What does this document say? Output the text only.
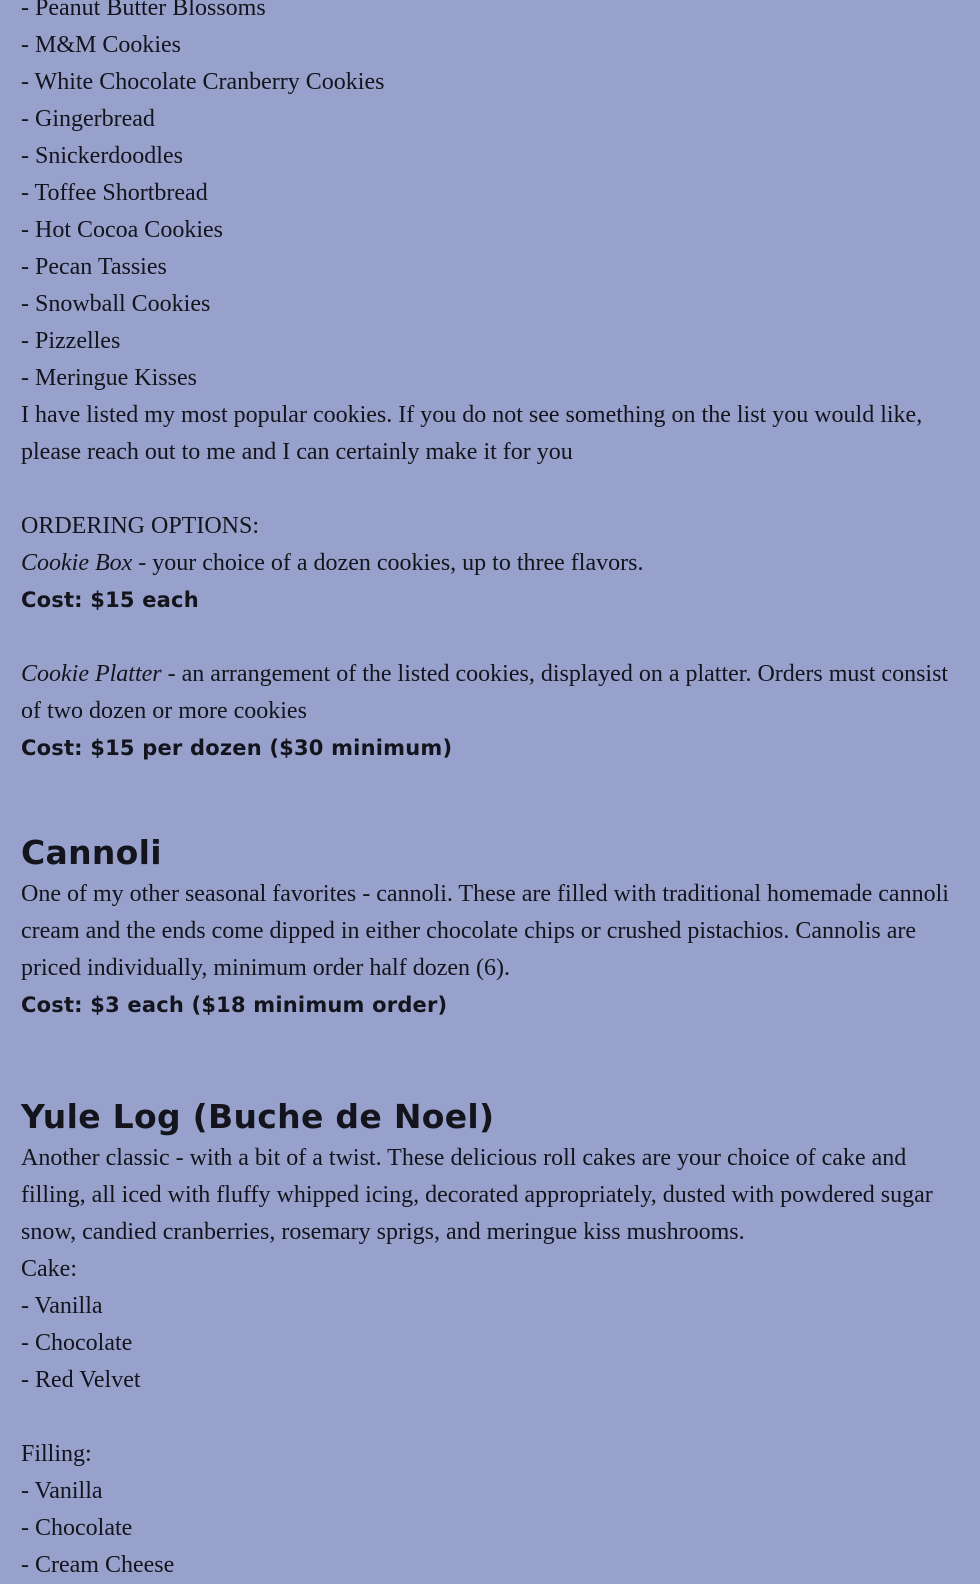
- Peanut Butter Blossoms
- M&M Cookies
- White Chocolate Cranberry Cookies
- Gingerbread
- Snickerdoodles
- Toffee Shortbread
- Hot Cocoa Cookies
- Pecan Tassies
- Snowball Cookies
- Pizzelles
- Meringue Kisses
I have listed my most popular cookies. If you do not see something on the list you would like, please reach out to me and I can certainly make it for you
ORDERING OPTIONS:
Cookie Box - your choice of a dozen cookies, up to three flavors.
Cost: $15 each
Cookie Platter - an arrangement of the listed cookies, displayed on a platter. Orders must consist of two dozen or more cookies
Cost: $15 per dozen ($30 minimum)
Cannoli
One of my other seasonal favorites - cannoli. These are filled with traditional homemade cannoli cream and the ends come dipped in either chocolate chips or crushed pistachios. Cannolis are priced individually, minimum order half dozen (6).
Cost: $3 each ($18 minimum order)
Yule Log (Buche de Noel)
Another classic - with a bit of a twist. These delicious roll cakes are your choice of cake and filling, all iced with fluffy whipped icing, decorated appropriately, dusted with powdered sugar snow, candied cranberries, rosemary sprigs, and meringue kiss mushrooms.
Cake:
- Vanilla
- Chocolate
- Red Velvet
Filling:
- Vanilla
- Chocolate
- Cream Cheese
